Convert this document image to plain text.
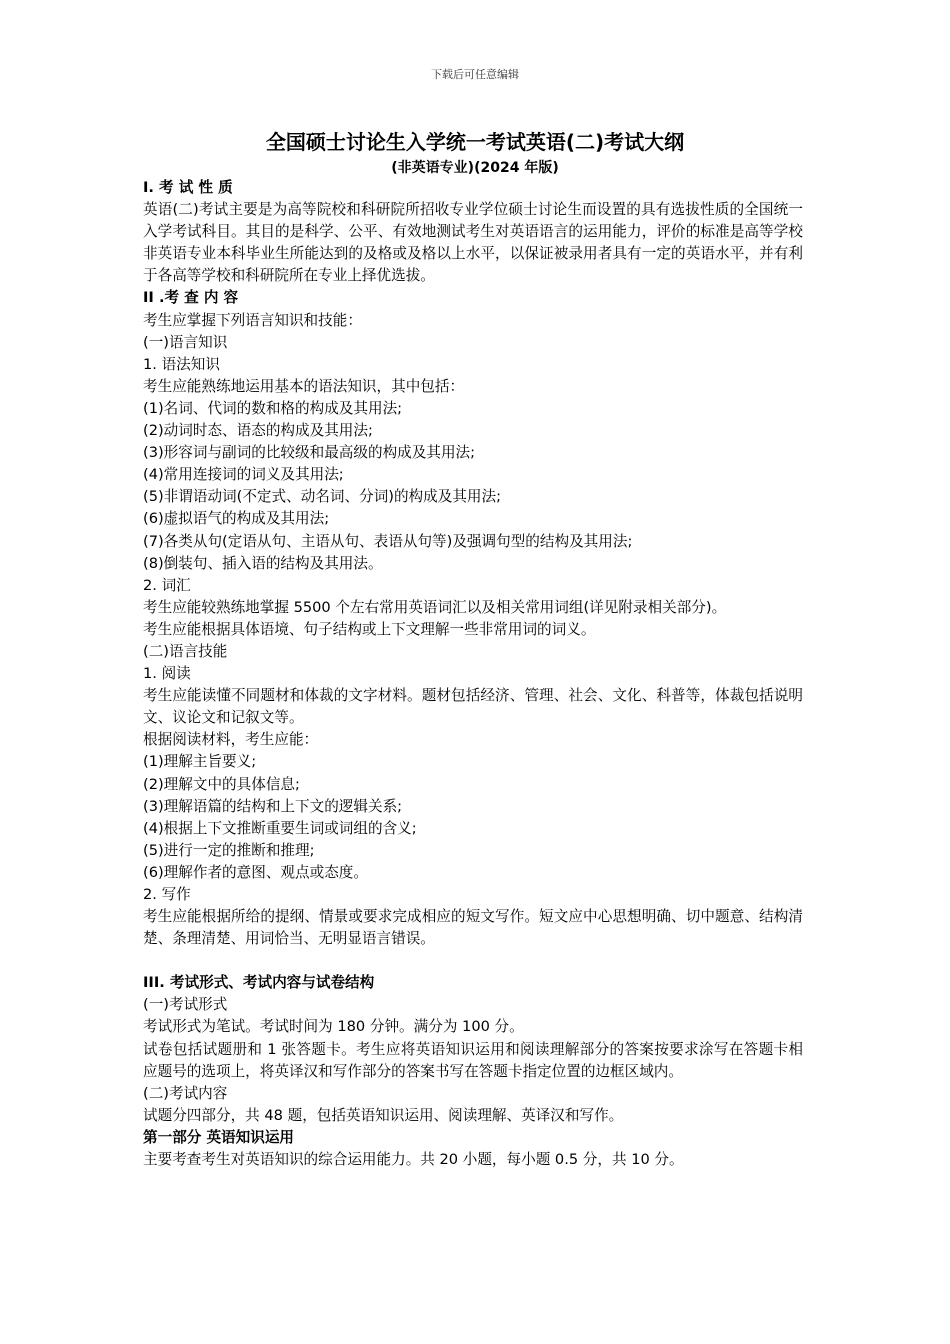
下载后可任意编辑
全国硕士讨论生入学统一考试英语(二)考试大纲
(非英语专业)(2024 年版)

I. 考 试 性 质

英语(二)考试主要是为高等院校和科研院所招收专业学位硕士讨论生而设置的具有选拔性质的全国统一入学考试科目。其目的是科学、公平、有效地测试考生对英语语言的运用能力，评价的标准是高等学校非英语专业本科毕业生所能达到的及格或及格以上水平，以保证被录用者具有一定的英语水平，并有利于各高等学校和科研院所在专业上择优选拔。

II .考 查 内 容

考生应掌握下列语言知识和技能：

(一)语言知识

1. 语法知识

考生应能熟练地运用基本的语法知识，其中包括：

(1)名词、代词的数和格的构成及其用法;

(2)动词时态、语态的构成及其用法;

(3)形容词与副词的比较级和最高级的构成及其用法;

(4)常用连接词的词义及其用法;

(5)非谓语动词(不定式、动名词、分词)的构成及其用法;

(6)虚拟语气的构成及其用法;

(7)各类从句(定语从句、主语从句、表语从句等)及强调句型的结构及其用法;

(8)倒装句、插入语的结构及其用法。

2. 词汇

考生应能较熟练地掌握 5500 个左右常用英语词汇以及相关常用词组(详见附录相关部分)。

考生应能根据具体语境、句子结构或上下文理解一些非常用词的词义。

(二)语言技能

1. 阅读

考生应能读懂不同题材和体裁的文字材料。题材包括经济、管理、社会、文化、科普等，体裁包括说明文、议论文和记叙文等。

根据阅读材料，考生应能：

(1)理解主旨要义;

(2)理解文中的具体信息;

(3)理解语篇的结构和上下文的逻辑关系;

(4)根据上下文推断重要生词或词组的含义;

(5)进行一定的推断和推理;

(6)理解作者的意图、观点或态度。

2. 写作

考生应能根据所给的提纲、情景或要求完成相应的短文写作。短文应中心思想明确、切中题意、结构清楚、条理清楚、用词恰当、无明显语言错误。

III. 考试形式、考试内容与试卷结构

(一)考试形式

考试形式为笔试。考试时间为 180 分钟。满分为 100 分。

试卷包括试题册和 1 张答题卡。考生应将英语知识运用和阅读理解部分的答案按要求涂写在答题卡相应题号的选项上，将英译汉和写作部分的答案书写在答题卡指定位置的边框区域内。

(二)考试内容

试题分四部分，共 48 题，包括英语知识运用、阅读理解、英译汉和写作。

第一部分 英语知识运用

主要考查考生对英语知识的综合运用能力。共 20 小题，每小题 0.5 分，共 10 分。
